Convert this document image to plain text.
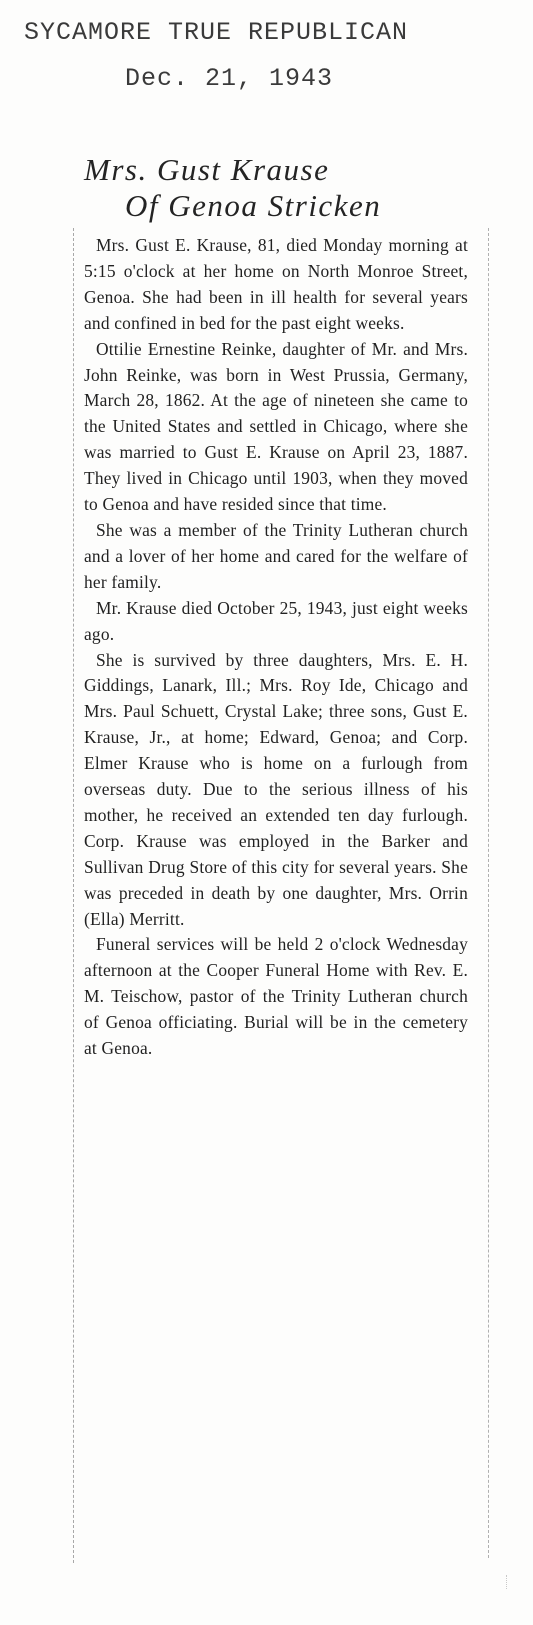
SYCAMORE TRUE REPUBLICAN
Dec. 21, 1943
Mrs. Gust Krause
Of Genoa Stricken

Mrs. Gust E. Krause, 81, died Monday morning at 5:15 o'clock at her home on North Monroe Street, Genoa. She had been in ill health for several years and confined in bed for the past eight weeks.

Ottilie Ernestine Reinke, daughter of Mr. and Mrs. John Reinke, was born in West Prussia, Germany, March 28, 1862. At the age of nineteen she came to the United States and settled in Chicago, where she was married to Gust E. Krause on April 23, 1887. They lived in Chicago until 1903, when they moved to Genoa and have resided since that time.

She was a member of the Trinity Lutheran church and a lover of her home and cared for the welfare of her family.

Mr. Krause died October 25, 1943, just eight weeks ago.

She is survived by three daughters, Mrs. E. H. Giddings, Lanark, Ill.; Mrs. Roy Ide, Chicago and Mrs. Paul Schuett, Crystal Lake; three sons, Gust E. Krause, Jr., at home; Edward, Genoa; and Corp. Elmer Krause who is home on a furlough from overseas duty. Due to the serious illness of his mother, he received an extended ten day furlough. Corp. Krause was employed in the Barker and Sullivan Drug Store of this city for several years. She was preceded in death by one daughter, Mrs. Orrin (Ella) Merritt.

Funeral services will be held 2 o'clock Wednesday afternoon at the Cooper Funeral Home with Rev. E. M. Teischow, pastor of the Trinity Lutheran church of Genoa officiating. Burial will be in the cemetery at Genoa.
